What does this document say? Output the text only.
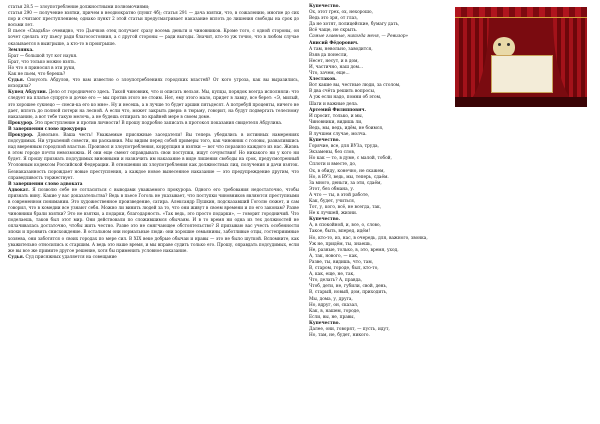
статья 28.5 — злоупотребление должностными полномочиями;

статья 290 — получение взятки, причем в неоднократно (пункт 4б); статья 291 — дача взятки, что, в сожалению, многие до сих пор и считают преступлением; однако пункт 2 этой статьи предусматривает наказание вплоть до лишения свободы на срок до восьми лет.

В пьесе «Свадьба» очевидно, что Дьячков отец получает сразу восемь деньги и чиновников. Кроме того, с одной стороны, он хочет сделать эту пьесу ради благосостояния, а с другой стороны — ради выгоды. Значит, кто-то уж точно, что в любом случае оказывается в выигрыше, а кто-то в проигрыше.

Землянка.

Брат — большой тут кот наукя.

Брат, что только можно взять.

Но что я приносил в эти руки,

Как не пьем, что берешь?

Судья. Сноусоть Абдулов, что вам известно о злоупотреблениях городских властей? От кого угроза, как вы выразились, исходила?

Купец Абдулин. Дело от городничего здесь. Такой чиновник, что и описать нельзя. Мы, купцы, порядок всегда исполняли: что следует на платье супруге и дочке его — мы против этого не стоим. Нет, ему этого мало, придет в лавку, все берет: «Э, милый, это хорошее сукнецо — снеси-ка его ко мне». Ну и несешь, а в лучше то будет аршин пятьдесят. А потребуй проценты, ничего не дает, вплоть до полной потери на лесной. А если что, может закрыть двери: в тюрьму, говорит, на будут подвергать телесному наказанию, а вот тебе такую мелочь, а не будешь отпирать по крайней мере в своем доме.

Прокурор. Это преступление и против личности! В прошу подробно записать в протокол показания свидетеля Абдулина.

В завершении слово прокурора

Прокурор. Довольно. Ваша честь! Уважаемые присяжные заседатели! Вы теперь убедились в истинных намерениях подсудимых. Ни угрызений совести, ни раскаяния. Мы видим перед собой примеры того, как чиновник с головы, развалившись над вверенным городской властью. Произвол и злоупотребления, коррупция и взятки — вот что поразило каждого из нас. Жизнь в этом городе почти невозможна. И они еще смеют оправдывать свои поступки, ищут сочувствия! Но никакого ни у кого ни будет. Я прошу признать подсудимых виновными и назначить им наказание в виде лишения свободы на срок, предусмотренный Уголовным кодексом Российской Федерации. В отношении их злоупотребления как должностных лиц, получения и дачи взяток. Безнаказанность порождает новые преступления, а каждое новое вынесенное наказание — это предупреждение другим, что справедливость торжествует.

В завершении слово адвоката

Адвокат. Я позволю себе не согласиться с выводами уважаемого прокурора. Одного его требования недостаточно, чтобы признать вину. Какие у вас доказательства? Ведь в пьесе Гоголь не указывает, что поступки чиновников являются преступными в современном понимании. Это художественное произведение, сатира. Александр Пушкин, подсказавший Гоголю сюжет, и сам говорил, что в комедии все узнают себя. Можно ли винить людей за то, что они живут в своем времени и по его законам? Разве чиновники брали взятки? Это не взятки, а подарки, благодарность. «Так ведь, это просто подарки», — говорит городничий. Что поделаешь, таков был этот мир. Они действовали по сложившимся обычаям. И в то время ни одна из тех должностей не оплачивалась достаточно, чтобы жить честно. Разве это не смягчающее обстоятельство? Я призываю вас учесть особенности эпохи и проявить снисхождение. В остальном они нормальные люди: они хорошие семьянины, заботливые отцы, гостеприимные хозяева, они заботятся о своих городах по мере сил. В XIX веке добрые обычаи и нравы — это не было шуткой. Вспомните, как уважительно относились к старшим. А ведь это наше время, и мы вправе судить только его. Прошу, оправдать подсудимых, если же вы все же примите другое решение, хотя бы применить условное наказание.

Судья. Суд присяжных удаляется на совещание

Купечество.

Ох, этот грех, ох, нехорошо,

Ведь это зря, от глаз,

Да не хотят, полицейские, бумагу дать,

Всё чаще, не скрыть.

Самые главные, никогда меня, — Ревизор»

Анисий Фёдорович.

А там, невольно, заводится,

Взяв да понесли,

Несет, несут, и в дом,

И, частично, наш дом...

Что, зачем, еще...

Хлестаков.

Вот какие вы, честные люди, за столом,

В два счёта решить вопросы,

А уж если надо, помни об этом,

Шаги и важные дела.

Артемий Филиппович.

И просит, только, и мы,

Чиновники, видишь ли,

Ведь, мы, ведь, идём, не боимся,

В лучшем случае, молча.

Купечество.

Горячие, все, для ВУЗа, труда,

Экзамены, без слов,

Но как — то, в думе, с малой, тобой,

Сплоти и вместе, до,

Ох, в обиду, конечно, не скажем,

Но, в ВУЗ, ведь, мы, теперь, сдаём.

За много, деньги, за эти, сдаём,

Этот, без обмана, у.

А что — ты, в этой работе,

Как, будет, учиться,

Тот, у, кого, всё, не всегда, так,

Не к лучшей, жизни.

Купечество.

А, в спокойной, и, все, о, слово,

Такое, быть, вперед, идём!

Но, кто-то, из, нас, в очередь, для, важного, звонка,

Уж не, придём, ты, знаешь,

Не, разные, только, в, это, время, уход,

А, так, нового, — как,

Разве, ты, видишь, что, там,

В, старом, городе, был, кто-то,

А, как, еще, не, так,

Что, делать? А, правда,

Чтоб, дети, не, губили, свой, день,

В, старый, новый, дом, приходить,

Мы, дома, у, друга,

Но, вдруг, он, сказал,

Как, в, нашем, городе,

Если, вы, не, правы,

Купечество.

Далее, они, говорят, — пусть, идут,

Но, там, не, будет, никого.
